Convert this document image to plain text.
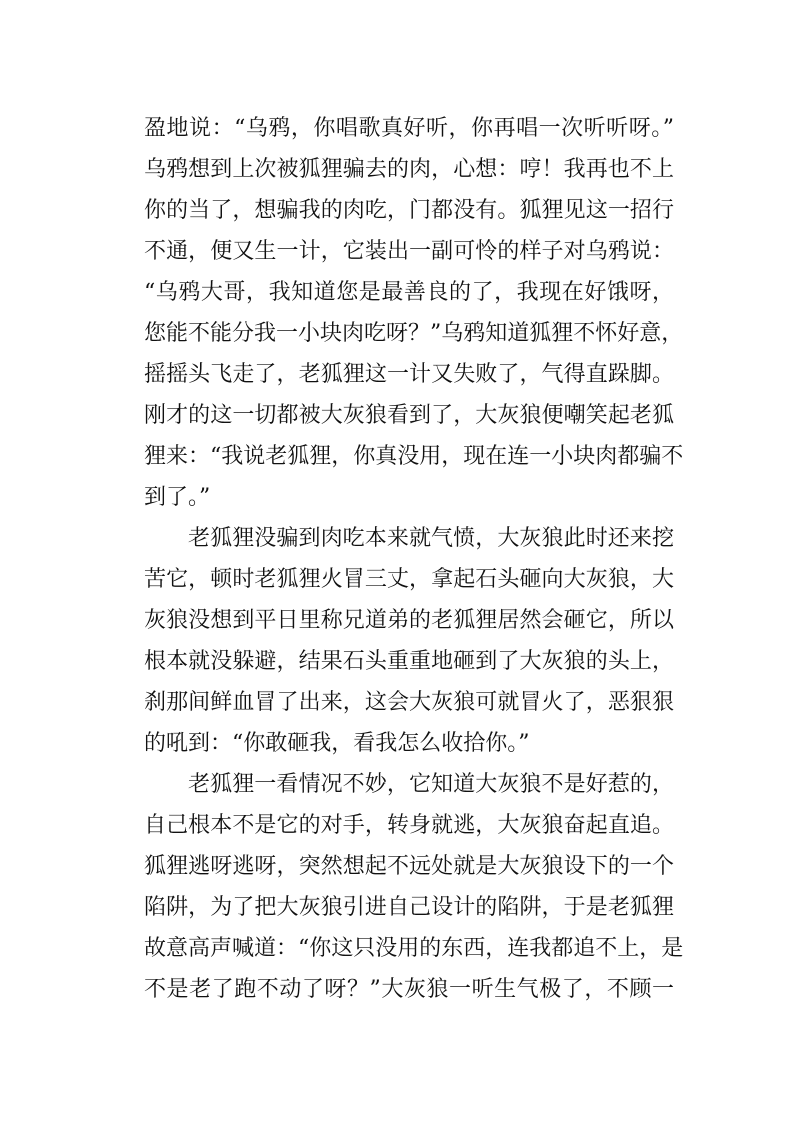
盈地说：“乌鸦，你唱歌真好听，你再唱一次听听呀。”
乌鸦想到上次被狐狸骗去的肉，心想：哼！我再也不上
你的当了，想骗我的肉吃，门都没有。狐狸见这一招行
不通，便又生一计，它装出一副可怜的样子对乌鸦说：
“乌鸦大哥，我知道您是最善良的了，我现在好饿呀，
您能不能分我一小块肉吃呀？”乌鸦知道狐狸不怀好意，
摇摇头飞走了，老狐狸这一计又失败了，气得直跺脚。
刚才的这一切都被大灰狼看到了，大灰狼便嘲笑起老狐
狸来：“我说老狐狸，你真没用，现在连一小块肉都骗不
到了。”
老狐狸没骗到肉吃本来就气愤，大灰狼此时还来挖
苦它，顿时老狐狸火冒三丈，拿起石头砸向大灰狼，大
灰狼没想到平日里称兄道弟的老狐狸居然会砸它，所以
根本就没躲避，结果石头重重地砸到了大灰狼的头上，
刹那间鲜血冒了出来，这会大灰狼可就冒火了，恶狠狠
的吼到：“你敢砸我，看我怎么收拾你。”
老狐狸一看情况不妙，它知道大灰狼不是好惹的，
自己根本不是它的对手，转身就逃，大灰狼奋起直追。
狐狸逃呀逃呀，突然想起不远处就是大灰狼设下的一个
陷阱，为了把大灰狼引进自己设计的陷阱，于是老狐狸
故意高声喊道：“你这只没用的东西，连我都追不上，是
不是老了跑不动了呀？”大灰狼一听生气极了，不顾一
